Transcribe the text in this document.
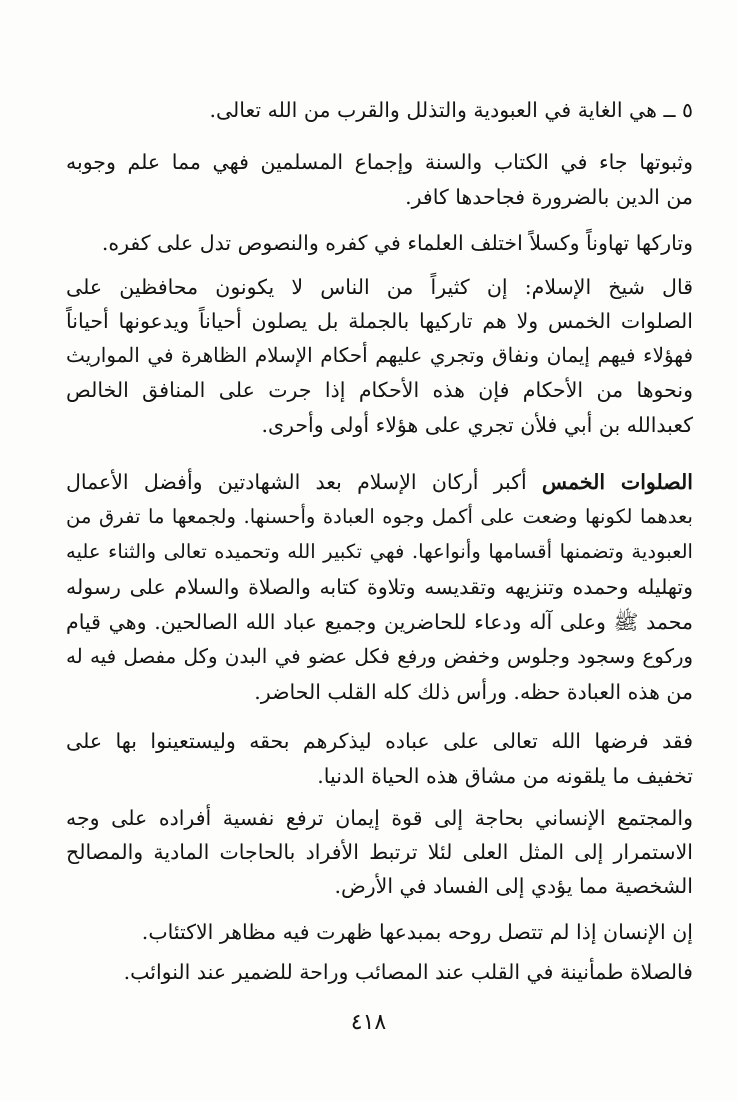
٥ ــ هي الغاية في العبودية والتذلل والقرب من الله تعالى.
وثبوتها جاء في الكتاب والسنة وإجماع المسلمين فهي مما علم وجوبه
من الدين بالضرورة فجاحدها كافر.
وتاركها تهاوناً وكسلاً اختلف العلماء في كفره والنصوص تدل على كفره.
قال شيخ الإسلام: إن كثيراً من الناس لا يكونون محافظين على
الصلوات الخمس ولا هم تاركيها بالجملة بل يصلون أحياناً ويدعونها أحياناً
فهؤلاء فيهم إيمان ونفاق وتجري عليهم أحكام الإسلام الظاهرة في المواريث
ونحوها من الأحكام فإن هذه الأحكام إذا جرت على المنافق الخالص
كعبدالله بن أبي فلأن تجري على هؤلاء أولى وأحرى.
الصلوات الخمس أكبر أركان الإسلام بعد الشهادتين وأفضل الأعمال
بعدهما لكونها وضعت على أكمل وجوه العبادة وأحسنها. ولجمعها ما تفرق من
العبودية وتضمنها أقسامها وأنواعها. فهي تكبير الله وتحميده تعالى والثناء عليه
وتهليله وحمده وتنزيهه وتقديسه وتلاوة كتابه والصلاة والسلام على رسوله
محمد ﷺ وعلى آله ودعاء للحاضرين وجميع عباد الله الصالحين. وهي قيام
وركوع وسجود وجلوس وخفض ورفع فكل عضو في البدن وكل مفصل فيه له
من هذه العبادة حظه. ورأس ذلك كله القلب الحاضر.
فقد فرضها الله تعالى على عباده ليذكرهم بحقه وليستعينوا بها على
تخفيف ما يلقونه من مشاق هذه الحياة الدنيا.
والمجتمع الإنساني بحاجة إلى قوة إيمان ترفع نفسية أفراده على وجه
الاستمرار إلى المثل العلى لئلا ترتبط الأفراد بالحاجات المادية والمصالح
الشخصية مما يؤدي إلى الفساد في الأرض.
إن الإنسان إذا لم تتصل روحه بمبدعها ظهرت فيه مظاهر الاكتئاب.
فالصلاة طمأنينة في القلب عند المصائب وراحة للضمير عند النوائب.
٤١٨
